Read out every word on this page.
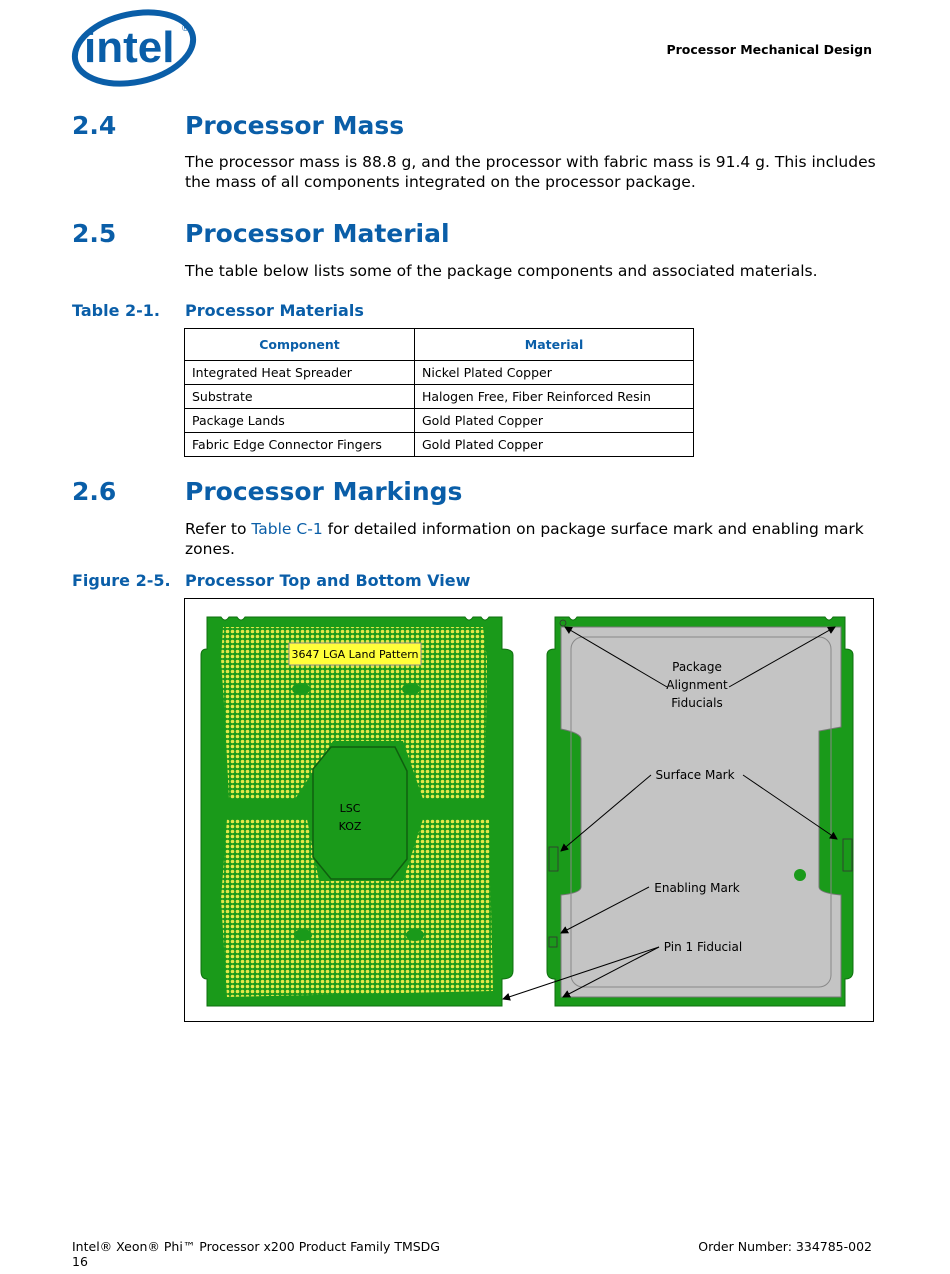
intel ®
Processor Mechanical Design
2.4	Processor Mass
The processor mass is 88.8 g, and the processor with fabric mass is 91.4 g. This includes the mass of all components integrated on the processor package.
2.5	Processor Material
The table below lists some of the package components and associated materials.
Table 2-1. Processor Materials
Component	Material
Integrated Heat Spreader	Nickel Plated Copper
Substrate	Halogen Free, Fiber Reinforced Resin
Package Lands	Gold Plated Copper
Fabric Edge Connector Fingers	Gold Plated Copper
2.6	Processor Markings
Refer to Table C-1 for detailed information on package surface mark and enabling mark zones.
Figure 2-5. Processor Top and Bottom View
3647 LGA Land Pattern
LSC
KOZ
Package
Alignment
Fiducials
Surface Mark
Enabling Mark
Pin 1 Fiducial
Intel® Xeon® Phi™ Processor x200 Product Family TMSDG
16
Order Number: 334785-002
